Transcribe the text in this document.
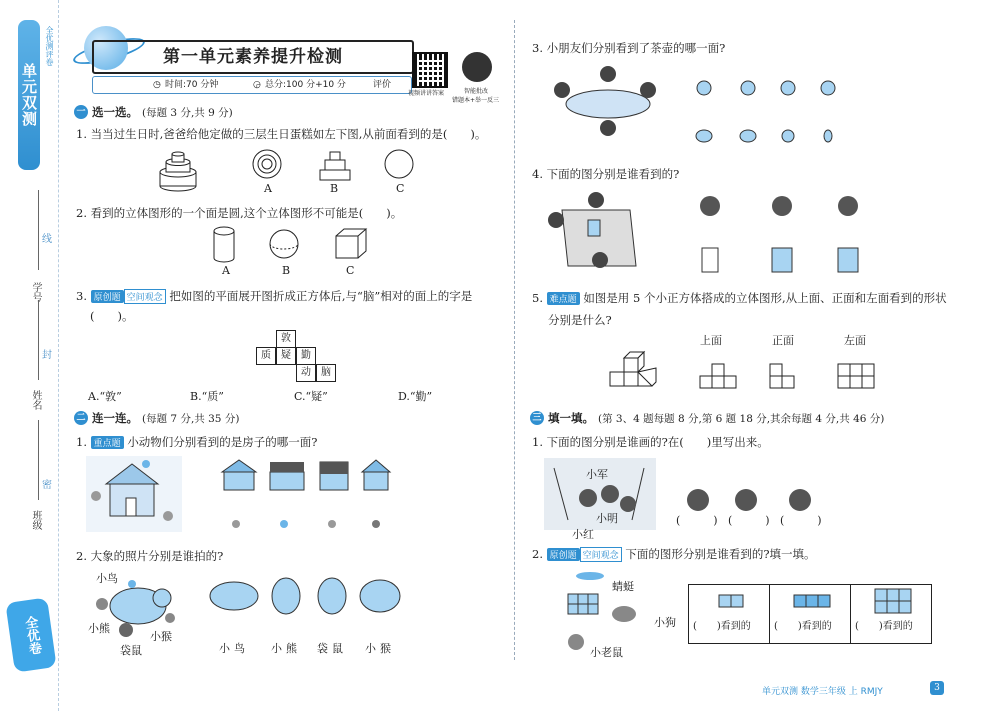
单元双测
全优测评卷
学号
姓名
班级
线
封
密
全优卷
第一单元素养提升检测
◷ 时间:70 分钟	◶ 总分:100 分+10 分	评价
视频讲讲答案	智能批改
错题本+举一反三
一 选一选。 (每题 3 分,共 9 分)
1. 当当过生日时,爸爸给他定做的三层生日蛋糕如左下图,从前面看到的是(　　)。
A	B	C
2. 看到的立体图形的一个面是圆,这个立体图形不可能是(　　)。
A	B	C
3. 原创题 空间观念 把如图的平面展开图折成正方体后,与“脑”相对的面上的字是
(　　)。
敦
质	疑	勤
动	脑
A.“敦”	B.“质”	C.“疑”	D.“勤”
二 连一连。 (每题 7 分,共 35 分)
1. 重点题 小动物们分别看到的是房子的哪一面?
2. 大象的照片分别是谁拍的?
小鸟
小熊
袋鼠
小猴
小鸟	小熊	袋鼠	小猴
3. 小朋友们分别看到了茶壶的哪一面?
4. 下面的图分别是谁看到的?
5. 难点题 如图是用 5 个小正方体搭成的立体图形,从上面、正面和左面看到的形状
分别是什么?
上面	正面	左面
三 填一填。 (第 3、4 题每题 8 分,第 6 题 18 分,其余每题 4 分,共 46 分)
1. 下面的图分别是谁画的?在(　　)里写出来。
小军
小明
小红
(　　　) (　　　) (　　　)
2. 原创题 空间观念 下面的图形分别是谁看到的?填一填。
蜻蜓
小狗
小老鼠
(　　)看到的 (　　)看到的 (　　)看到的
单元双测 数学三年级 上 RMJY	3
